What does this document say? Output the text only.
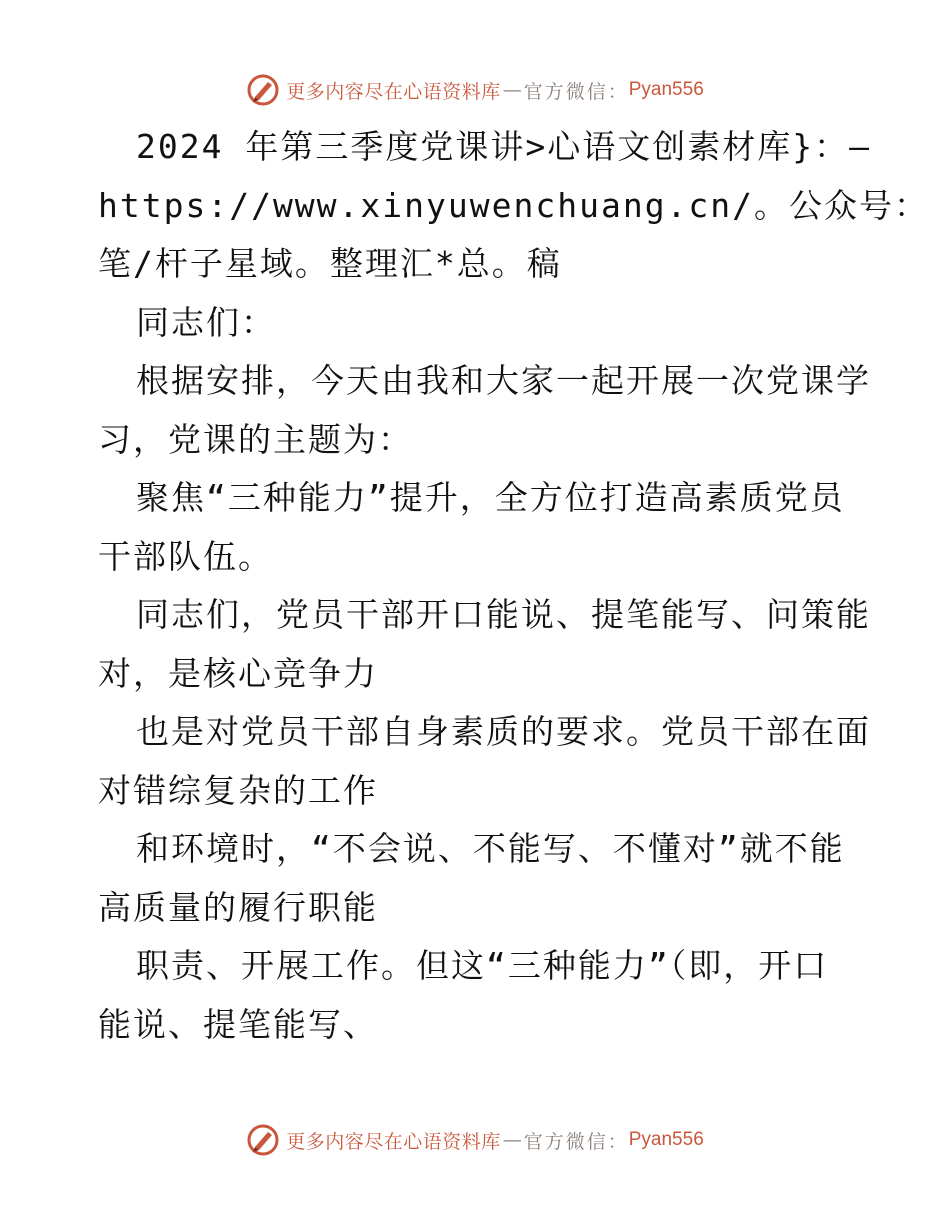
更多内容尽在心语资料库 — 官方微信： Pyan556
2024 年第三季度党课讲>心语文创素材库}：—
https://www.xinyuwenchuang.cn/。公众号：
笔/杆子星域。整理汇*总。稿
同志们：
根据安排，今天由我和大家一起开展一次党课学
习，党课的主题为：
聚焦“三种能力”提升，全方位打造高素质党员
干部队伍。
同志们，党员干部开口能说、提笔能写、问策能
对，是核心竞争力
也是对党员干部自身素质的要求。党员干部在面
对错综复杂的工作
和环境时，“不会说、不能写、不懂对”就不能
高质量的履行职能
职责、开展工作。但这“三种能力”（即，开口
能说、提笔能写、
更多内容尽在心语资料库 — 官方微信： Pyan556
